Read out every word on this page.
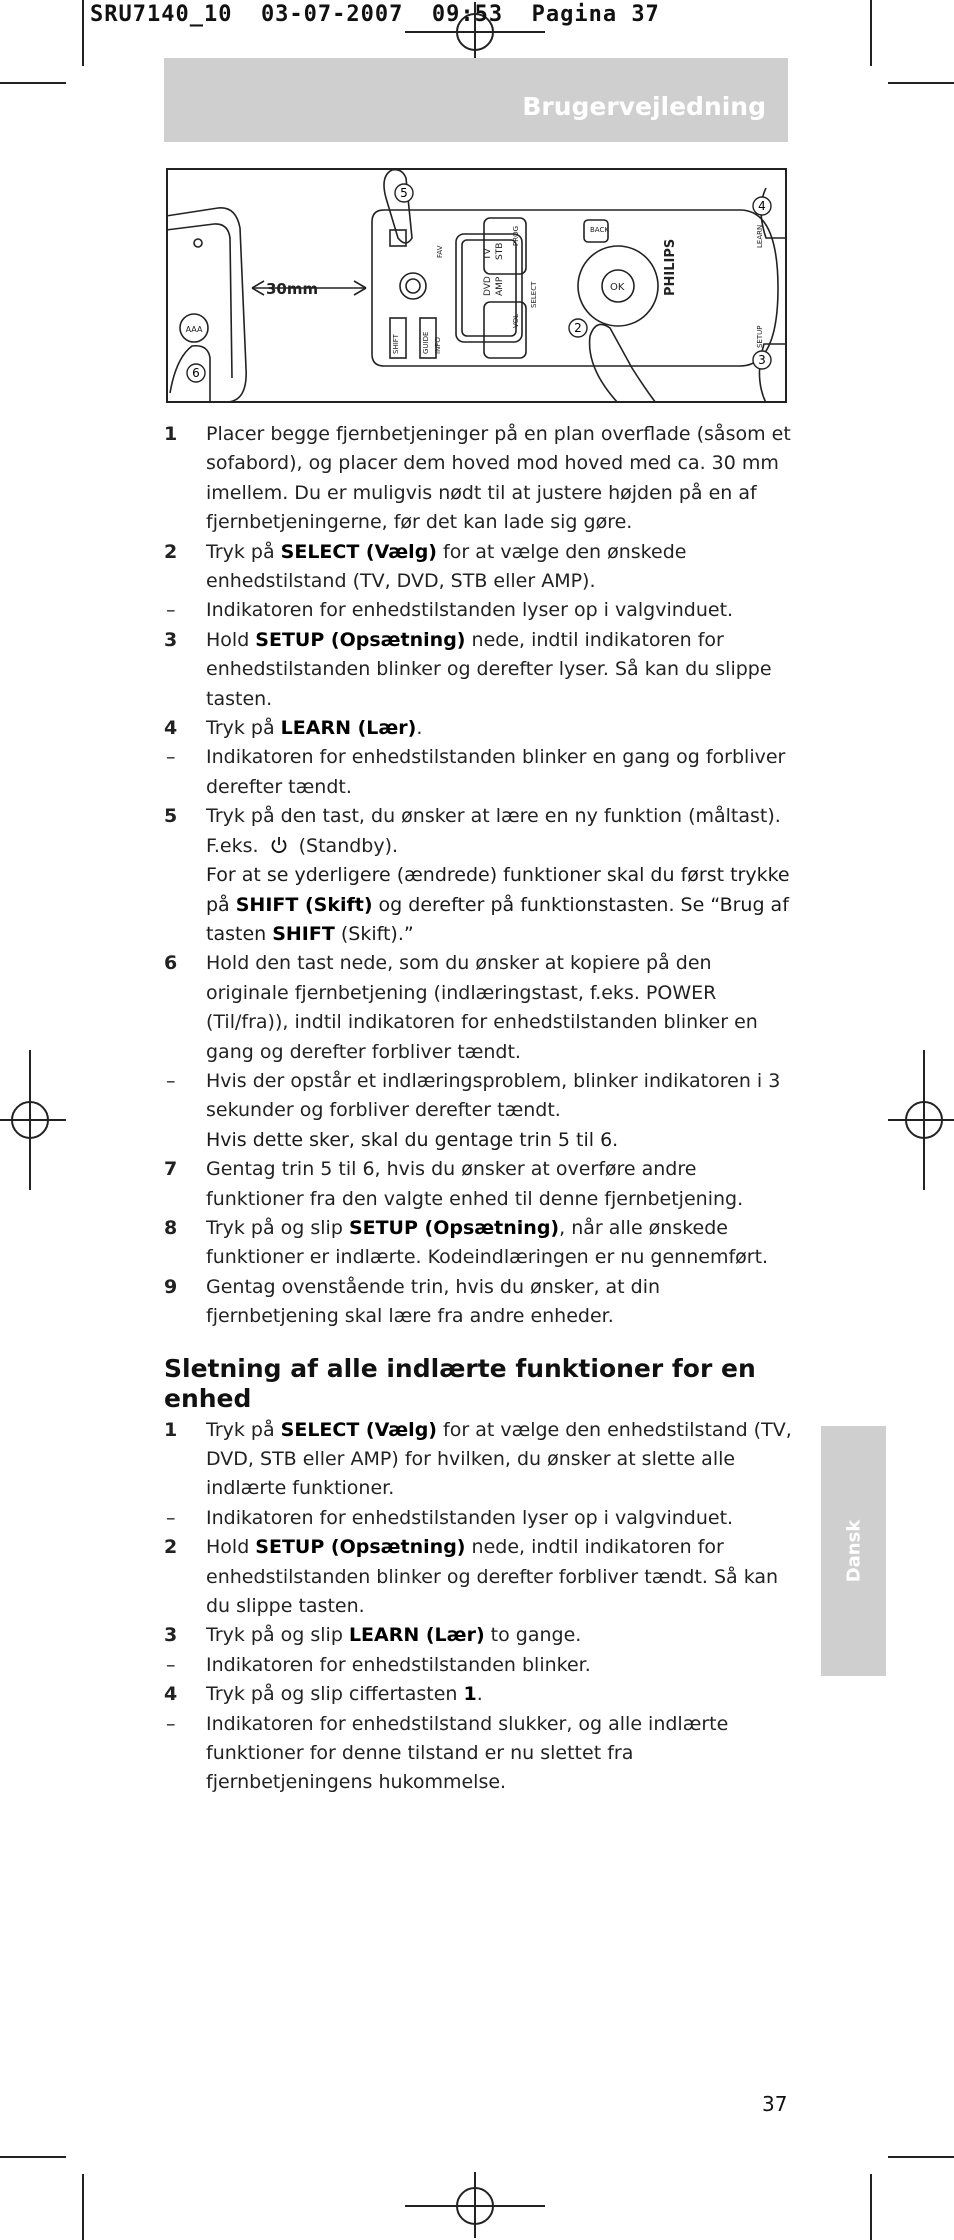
SRU7140_10  03-07-2007  09:53  Pagina 37
Brugervejledning
30mm	PHILIPS
TV
DVD
STB
AMP
PROG
VOL
BACK
OK
SELECT
SHIFT	GUIDE INFO
FAV
LEARN
SETUP
AAA
5
4
2
3
6
1 Placer begge fjernbetjeninger på en plan overflade (såsom et sofabord), og placer dem hoved mod hoved med ca. 30 mm imellem. Du er muligvis nødt til at justere højden på en af fjernbetjeningerne, før det kan lade sig gøre.
2 Tryk på SELECT (Vælg) for at vælge den ønskede enhedstilstand (TV, DVD, STB eller AMP).
– Indikatoren for enhedstilstanden lyser op i valgvinduet.
3 Hold SETUP (Opsætning) nede, indtil indikatoren for enhedstilstanden blinker og derefter lyser. Så kan du slippe tasten.
4 Tryk på LEARN (Lær).
– Indikatoren for enhedstilstanden blinker en gang og forbliver derefter tændt.
5 Tryk på den tast, du ønsker at lære en ny funktion (måltast). F.eks.  (Standby).
For at se yderligere (ændrede) funktioner skal du først trykke på SHIFT (Skift) og derefter på funktionstasten. Se “Brug af tasten SHIFT (Skift).”
6 Hold den tast nede, som du ønsker at kopiere på den originale fjernbetjening (indlæringstast, f.eks. POWER (Til/fra)), indtil indikatoren for enhedstilstanden blinker en gang og derefter forbliver tændt.
– Hvis der opstår et indlæringsproblem, blinker indikatoren i 3 sekunder og forbliver derefter tændt.
Hvis dette sker, skal du gentage trin 5 til 6.
7 Gentag trin 5 til 6, hvis du ønsker at overføre andre funktioner fra den valgte enhed til denne fjernbetjening.
8 Tryk på og slip SETUP (Opsætning), når alle ønskede funktioner er indlærte. Kodeindlæringen er nu gennemført.
9 Gentag ovenstående trin, hvis du ønsker, at din fjernbetjening skal lære fra andre enheder.
Sletning af alle indlærte funktioner for en enhed
1 Tryk på SELECT (Vælg) for at vælge den enhedstilstand (TV, DVD, STB eller AMP) for hvilken, du ønsker at slette alle indlærte funktioner.
– Indikatoren for enhedstilstanden lyser op i valgvinduet.
2 Hold SETUP (Opsætning) nede, indtil indikatoren for enhedstilstanden blinker og derefter forbliver tændt. Så kan du slippe tasten.
3 Tryk på og slip LEARN (Lær) to gange.
– Indikatoren for enhedstilstanden blinker.
4 Tryk på og slip ciffertasten 1.
– Indikatoren for enhedstilstand slukker, og alle indlærte funktioner for denne tilstand er nu slettet fra fjernbetjeningens hukommelse.
Dansk
37
